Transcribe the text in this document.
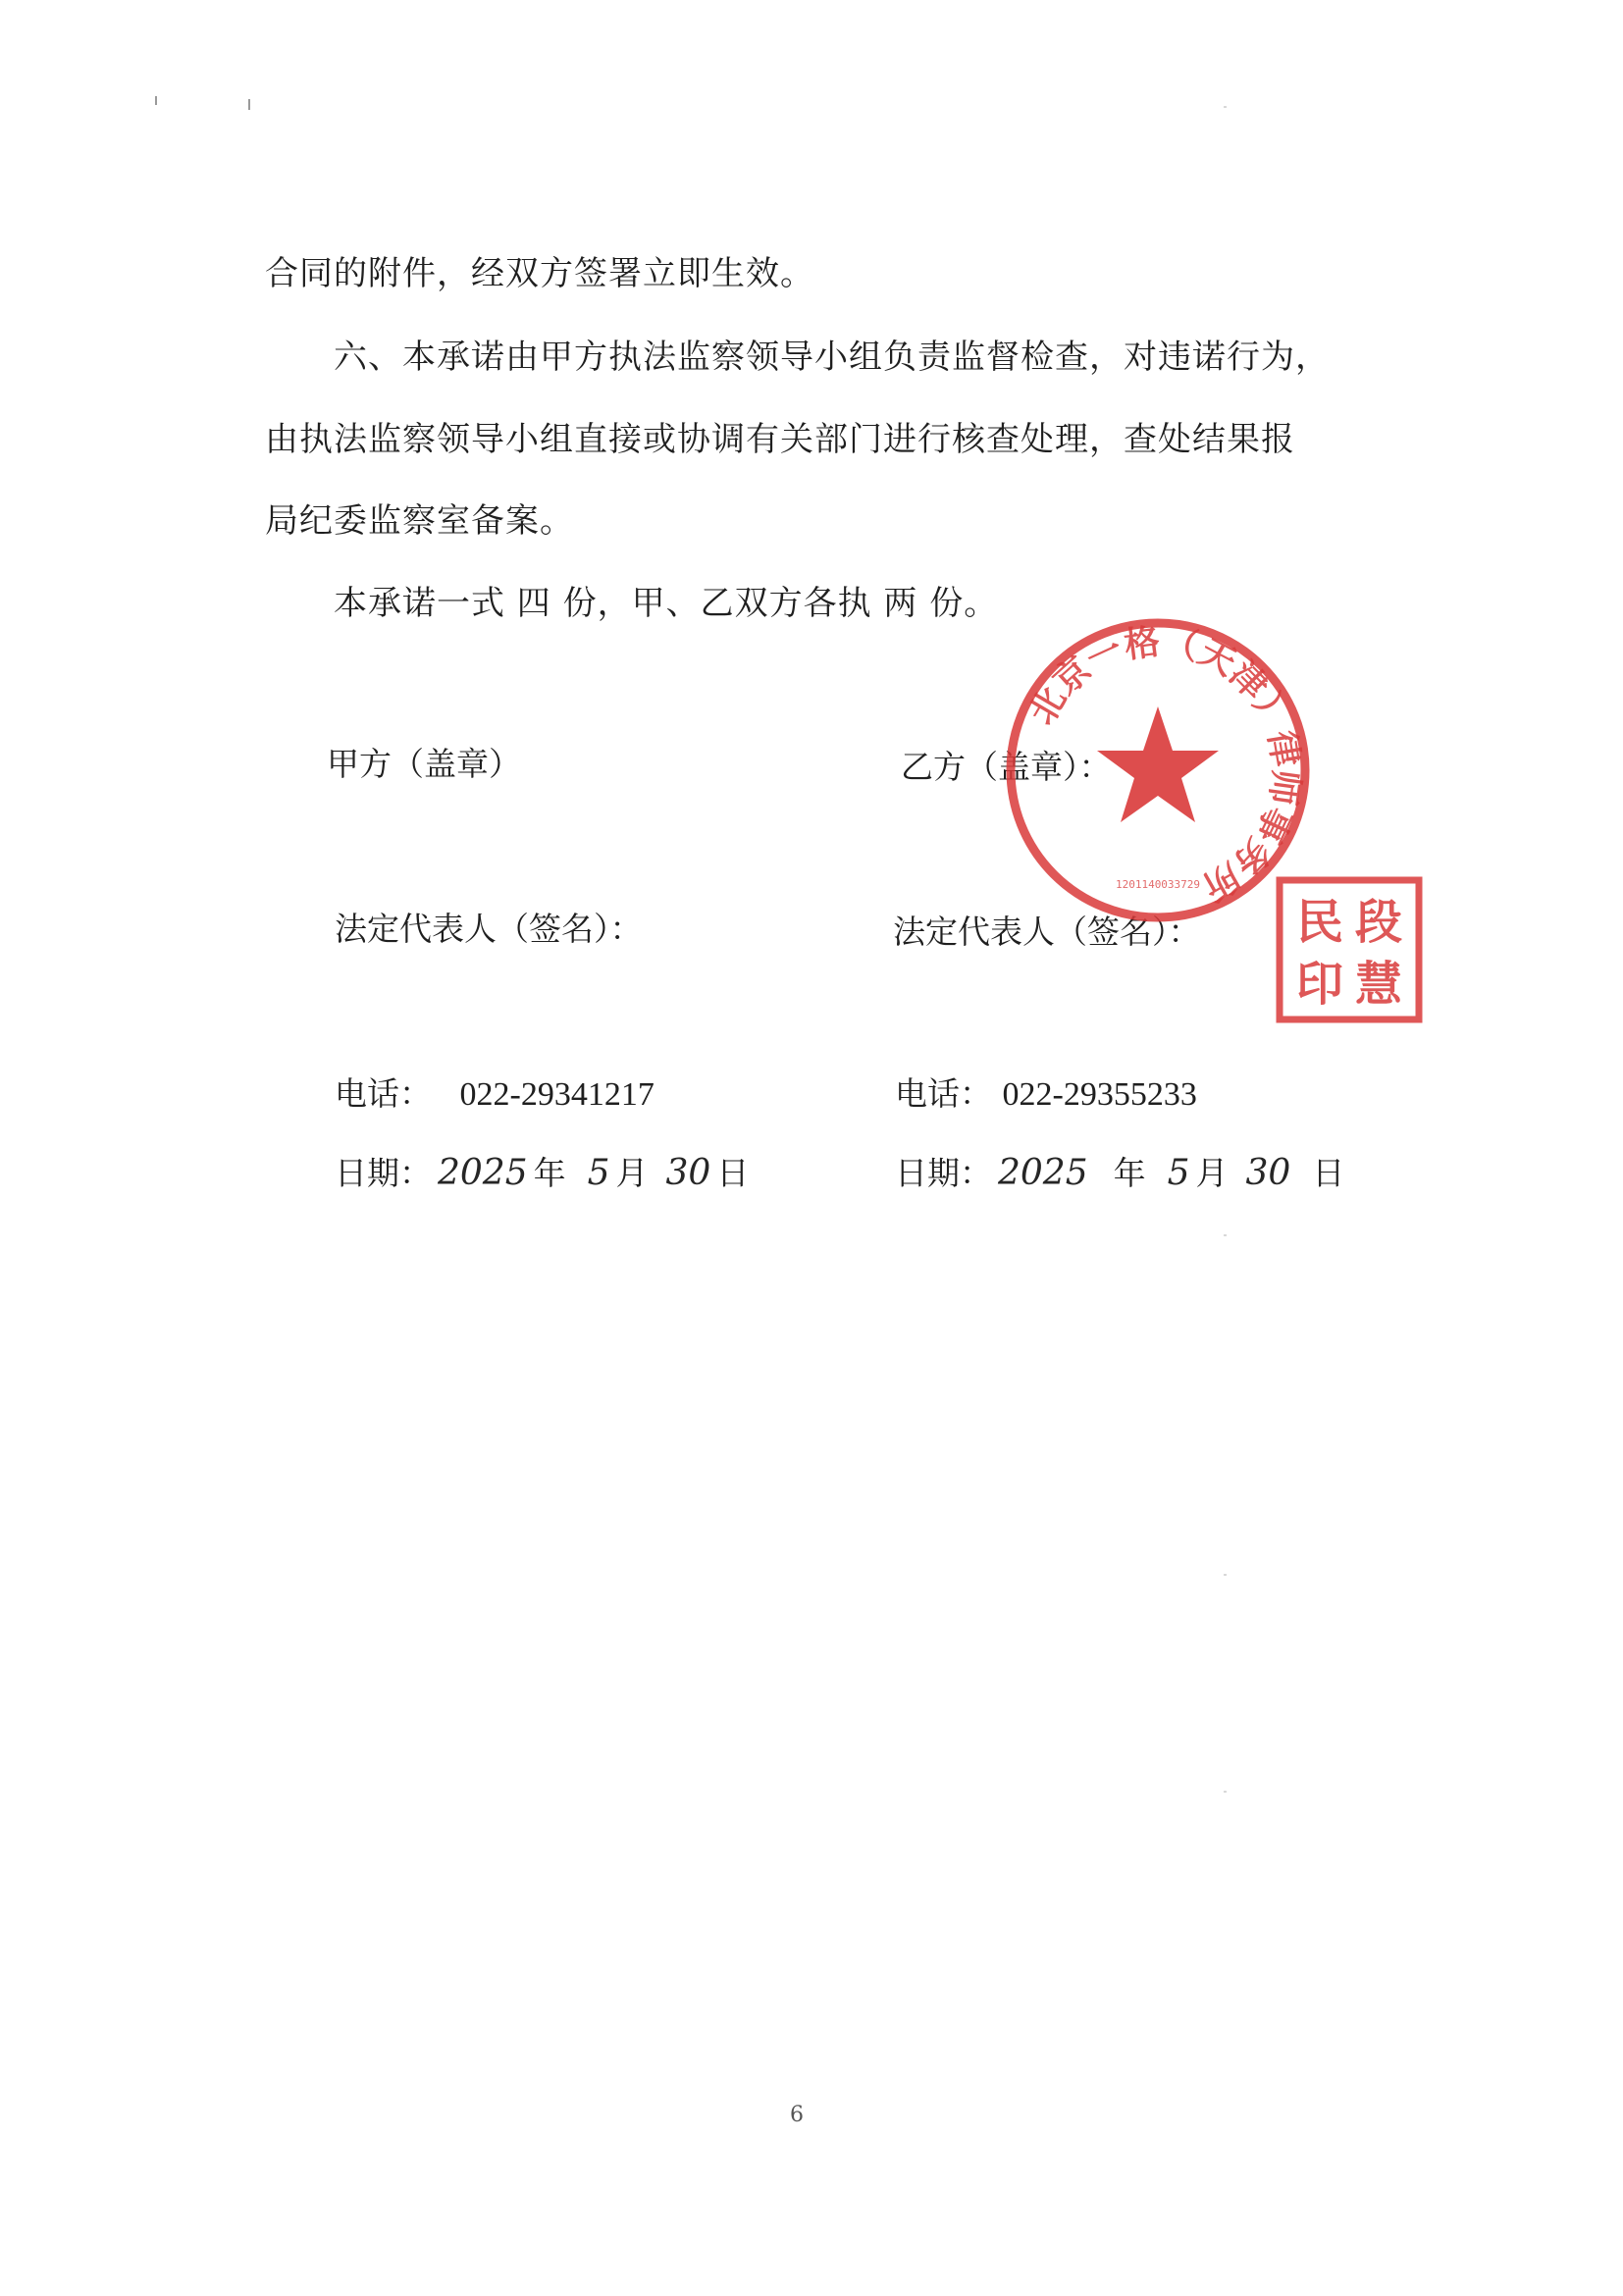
合同的附件，经双方签署立即生效。
六、本承诺由甲方执法监察领导小组负责监督检查，对违诺行为，
由执法监察领导小组直接或协调有关部门进行核查处理，查处结果报
局纪委监察室备案。
本承诺一式 四 份，甲、乙双方各执 两 份。
甲方（盖章）
法定代表人（签名）：
电话： 022-29341217
日期： 2025 年 5 月 30 日
乙方（盖章）：
法定代表人（签名）：
电话： 022-29355233
日期： 2025 年 5 月 30 日
北京一格（天津）律师事务所
1201140033729
段
民
慧
印
6
